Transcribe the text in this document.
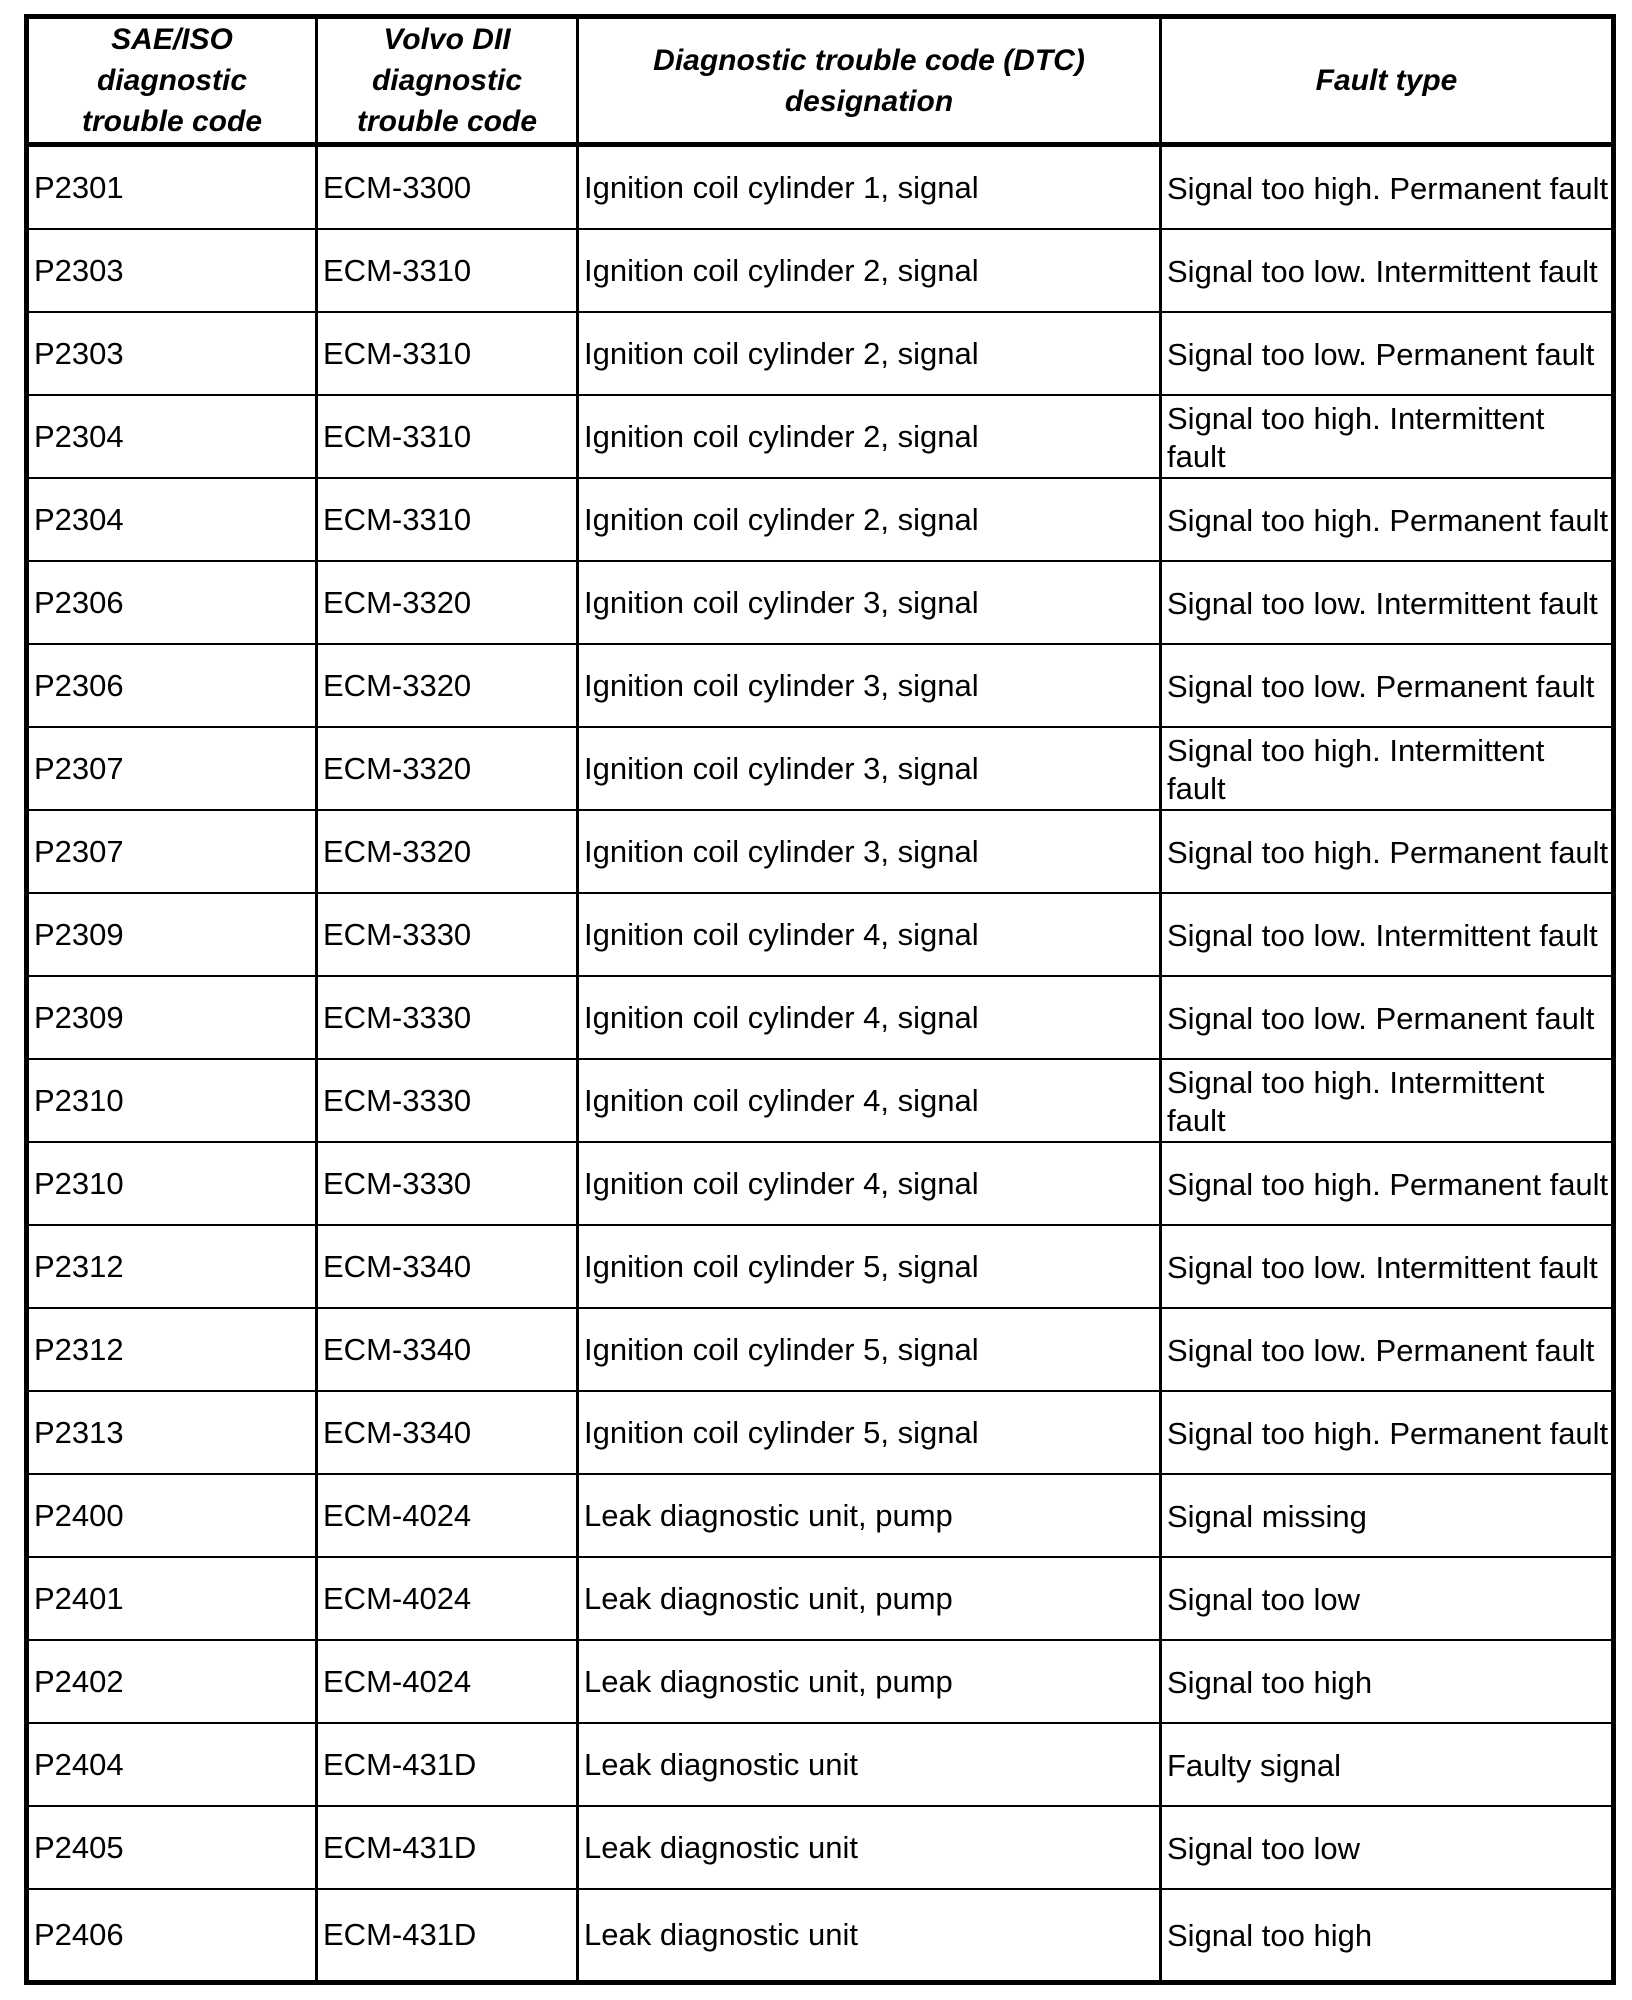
SAE/ISO
diagnostic
trouble code	Volvo DII
diagnostic
trouble code	Diagnostic trouble code (DTC)
designation	Fault type
P2301	ECM-3300	Ignition coil cylinder 1, signal	Signal too high. Permanent fault
P2303	ECM-3310	Ignition coil cylinder 2, signal	Signal too low. Intermittent fault
P2303	ECM-3310	Ignition coil cylinder 2, signal	Signal too low. Permanent fault
P2304	ECM-3310	Ignition coil cylinder 2, signal	Signal too high. Intermittent fault
P2304	ECM-3310	Ignition coil cylinder 2, signal	Signal too high. Permanent fault
P2306	ECM-3320	Ignition coil cylinder 3, signal	Signal too low. Intermittent fault
P2306	ECM-3320	Ignition coil cylinder 3, signal	Signal too low. Permanent fault
P2307	ECM-3320	Ignition coil cylinder 3, signal	Signal too high. Intermittent fault
P2307	ECM-3320	Ignition coil cylinder 3, signal	Signal too high. Permanent fault
P2309	ECM-3330	Ignition coil cylinder 4, signal	Signal too low. Intermittent fault
P2309	ECM-3330	Ignition coil cylinder 4, signal	Signal too low. Permanent fault
P2310	ECM-3330	Ignition coil cylinder 4, signal	Signal too high. Intermittent fault
P2310	ECM-3330	Ignition coil cylinder 4, signal	Signal too high. Permanent fault
P2312	ECM-3340	Ignition coil cylinder 5, signal	Signal too low. Intermittent fault
P2312	ECM-3340	Ignition coil cylinder 5, signal	Signal too low. Permanent fault
P2313	ECM-3340	Ignition coil cylinder 5, signal	Signal too high. Permanent fault
P2400	ECM-4024	Leak diagnostic unit, pump	Signal missing
P2401	ECM-4024	Leak diagnostic unit, pump	Signal too low
P2402	ECM-4024	Leak diagnostic unit, pump	Signal too high
P2404	ECM-431D	Leak diagnostic unit	Faulty signal
P2405	ECM-431D	Leak diagnostic unit	Signal too low
P2406	ECM-431D	Leak diagnostic unit	Signal too high
